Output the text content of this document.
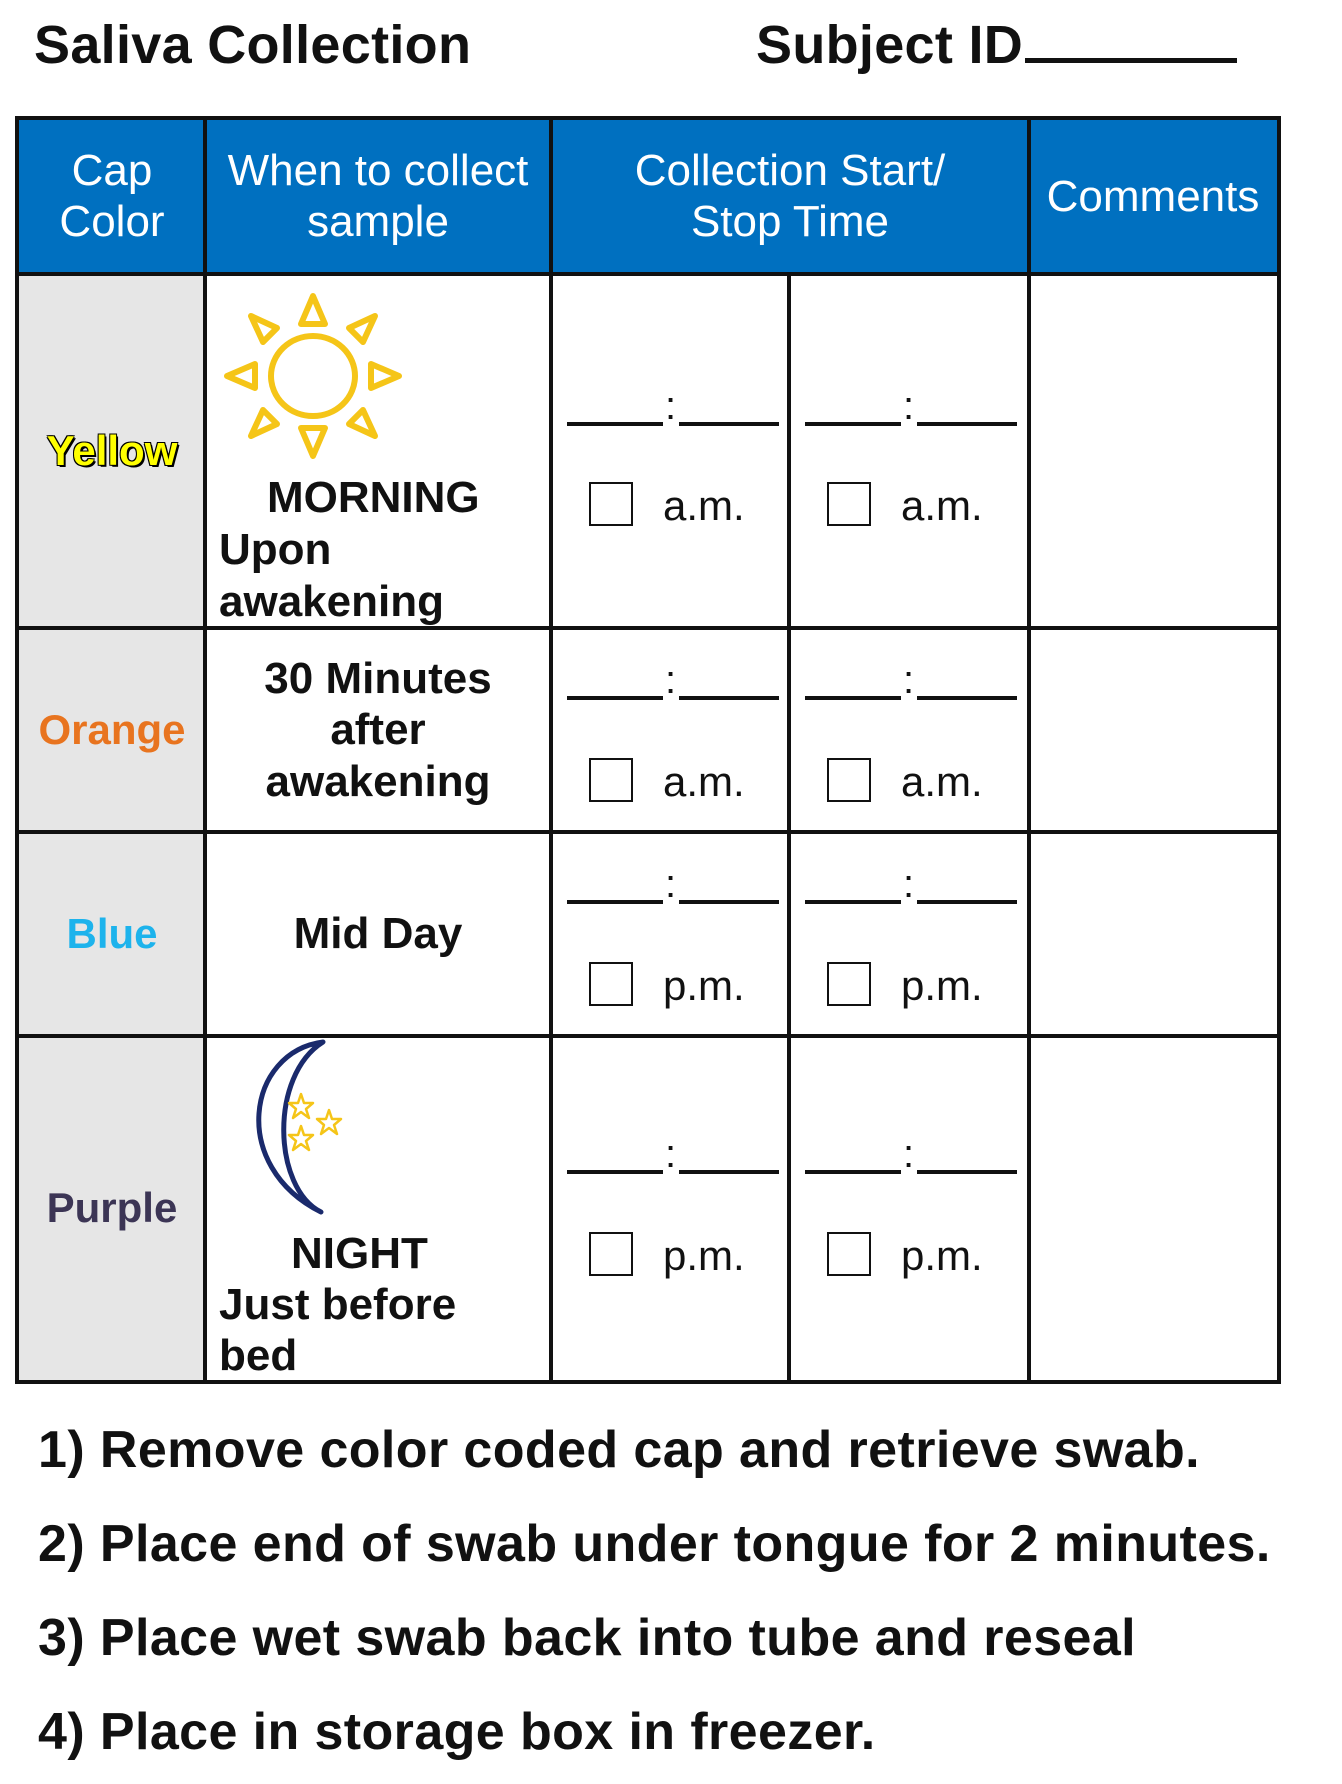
Saliva Collection	Subject ID
Cap
Color
When to collect
sample
Collection Start/
Stop Time
Comments
Yellow
Orange
Blue
Purple
MORNING
Upon
awakening
30 Minutes
after
awakening
Mid Day
NIGHT
Just before
bed
:
a.m.
:
a.m.
:
a.m.
:
a.m.
:
p.m.
:
p.m.
:
p.m.
:
p.m.
1) Remove color coded cap and retrieve swab.
2) Place end of swab under tongue for 2 minutes.
3) Place wet swab back into tube and reseal
4) Place in storage box in freezer.
